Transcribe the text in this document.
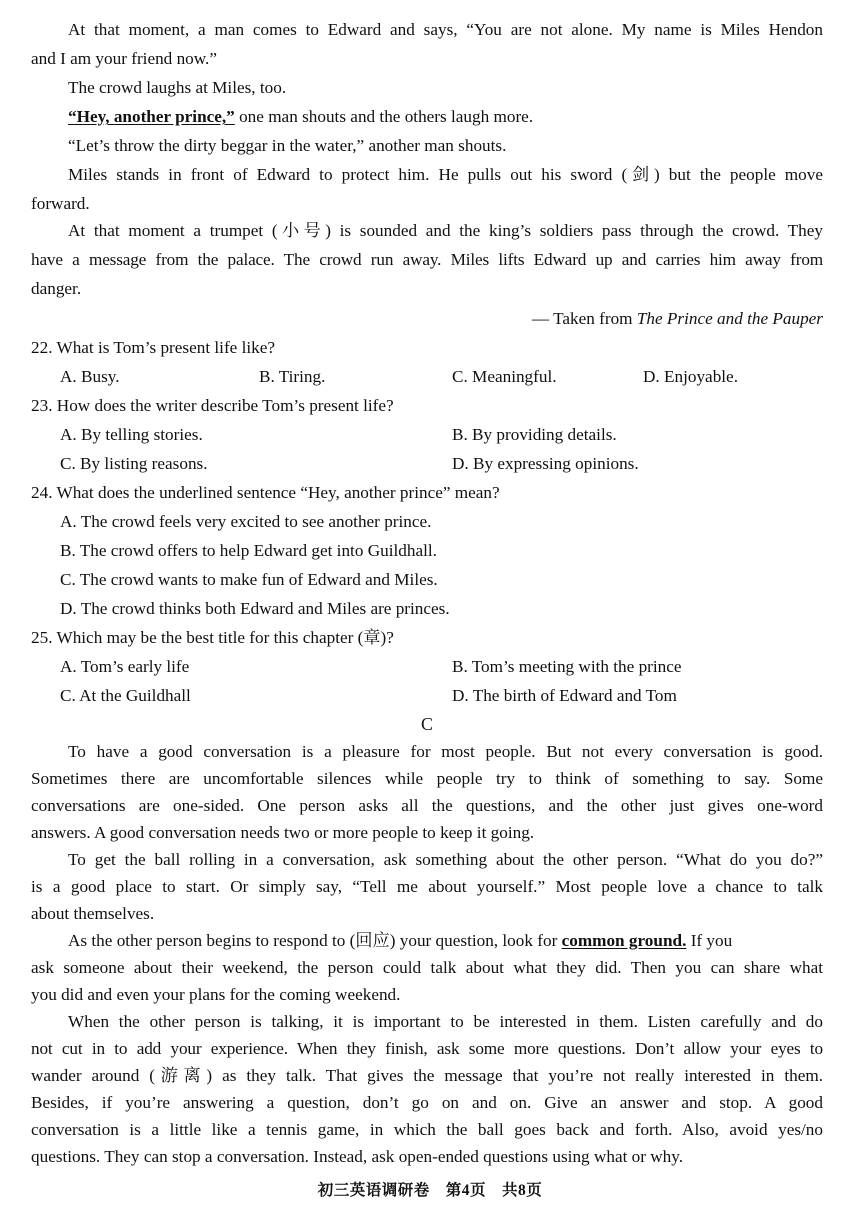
At that moment, a man comes to Edward and says, “You are not alone. My name is Miles Hendon
and I am your friend now.”
The crowd laughs at Miles, too.
“Hey, another prince,” one man shouts and the others laugh more.
“Let’s throw the dirty beggar in the water,” another man shouts.
Miles stands in front of Edward to protect him. He pulls out his sword (剑) but the people move
forward.
At that moment a trumpet (小号) is sounded and the king’s soldiers pass through the crowd. They
have a message from the palace. The crowd run away. Miles lifts Edward up and carries him away from
danger.
— Taken from The Prince and the Pauper
22. What is Tom’s present life like?
A. Busy.	B. Tiring.	C. Meaningful.	D. Enjoyable.
23. How does the writer describe Tom’s present life?
A. By telling stories.	B. By providing details.
C. By listing reasons.	D. By expressing opinions.
24. What does the underlined sentence “Hey, another prince” mean?
A. The crowd feels very excited to see another prince.
B. The crowd offers to help Edward get into Guildhall.
C. The crowd wants to make fun of Edward and Miles.
D. The crowd thinks both Edward and Miles are princes.
25. Which may be the best title for this chapter (章)?
A. Tom’s early life	B. Tom’s meeting with the prince
C. At the Guildhall	D. The birth of Edward and Tom
C
To have a good conversation is a pleasure for most people. But not every conversation is good.
Sometimes there are uncomfortable silences while people try to think of something to say. Some
conversations are one-sided. One person asks all the questions, and the other just gives one-word
answers. A good conversation needs two or more people to keep it going.
To get the ball rolling in a conversation, ask something about the other person. “What do you do?”
is a good place to start. Or simply say, “Tell me about yourself.” Most people love a chance to talk
about themselves.
As the other person begins to respond to (回应) your question, look for common ground. If you
ask someone about their weekend, the person could talk about what they did. Then you can share what
you did and even your plans for the coming weekend.
When the other person is talking, it is important to be interested in them. Listen carefully and do
not cut in to add your experience. When they finish, ask some more questions. Don’t allow your eyes to
wander around (游离) as they talk. That gives the message that you’re not really interested in them.
Besides, if you’re answering a question, don’t go on and on. Give an answer and stop. A good
conversation is a little like a tennis game, in which the ball goes back and forth. Also, avoid yes/no
questions. They can stop a conversation. Instead, ask open-ended questions using what or why.
初三英语调研卷　第4页　共8页
